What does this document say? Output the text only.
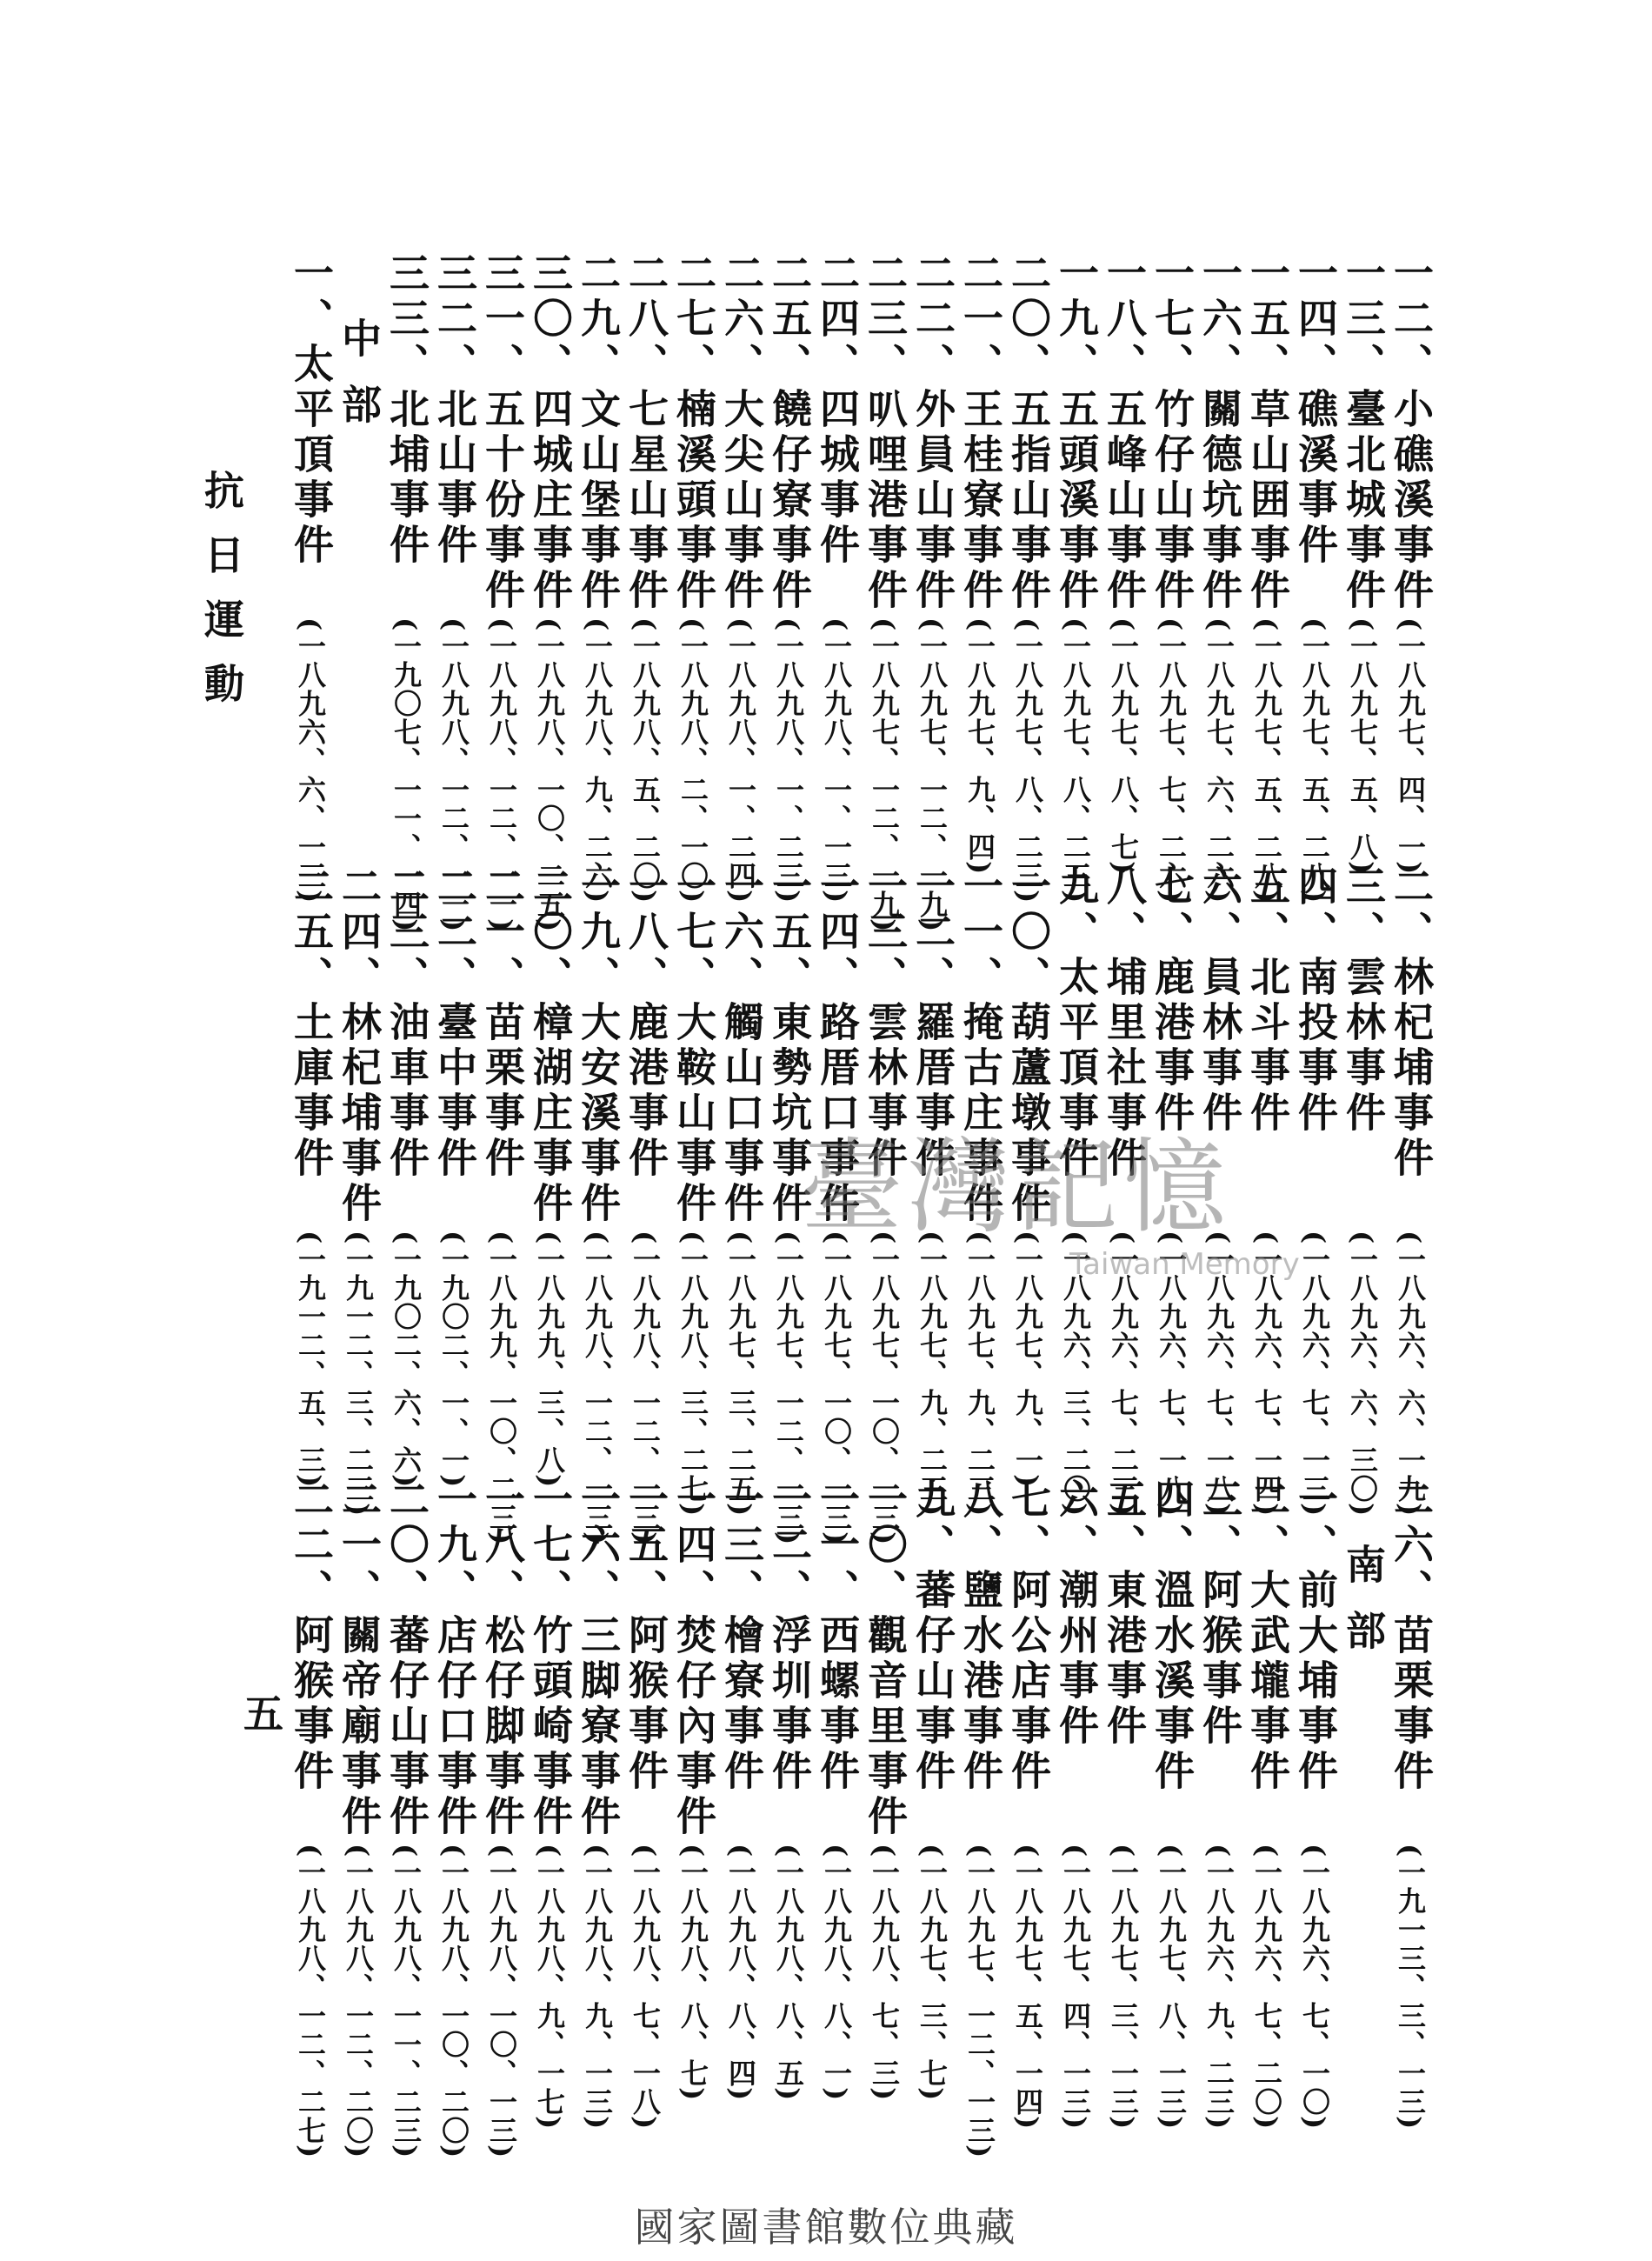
抗日運動
五
一二、小礁溪事件
(一八九七、四、一)
一三、臺北城事件
(一八九七、五、八)
一四、礁溪事件
(一八九七、五、二八)
一五、草山囲事件
(一八九七、五、二八)
一六、關德坑事件
(一八九七、六、二六)
一七、竹仔山事件
(一八九七、七、二六)
一八、五峰山事件
(一八九七、八、七)
一九、五頭溪事件
(一八九七、八、二三)
二〇、五指山事件
(一八九七、八、二三)
二一、王桂寮事件
(一八九七、九、四)
二二、外員山事件
(一八九七、一二、一九)
二三、叭哩港事件
(一八九七、一二、一九)
二四、四城事件
(一八九八、一、一三)
二五、饒仔寮事件
(一八九八、一、二三)
二六、大尖山事件
(一八九八、一、二四)
二七、楠溪頭事件
(一八九八、二、一〇)
二八、七星山事件
(一八九八、五、二〇)
二九、文山堡事件
(一八九八、九、二六)
三〇、四城庄事件
(一八九八、一〇、二五)
三一、五十份事件
(一八九八、一二、一一)
三二、北山事件
(一八九八、一二、一一)
三三、北埔事件
(一九〇七、一一、一四)
中部
一、太平頂事件
(一八九六、六、一三)
二、林杞埔事件
(一八九六、六、一九)
三、雲林事件
(一八九六、六、三〇)
四、南投事件
(一八九六、七、一三)
五、北斗事件
(一八九六、七、一四)
六、員林事件
(一八九六、七、一八)
七、鹿港事件
(一八九六、七、一八)
八、埔里社事件
(一八九六、七、二三)
九、太平頂事件
(一八九六、三、二〇)
一〇、葫蘆墩事件
(一八九七、九、一)
一一、掩古庄事件
(一八九七、九、二三)
一二、羅厝事件
(一八九七、九、二三)
一三、雲林事件
(一八九七、一〇、一三)
一四、路厝口事件
(一八九七、一〇、一三)
一五、東勢坑事件
(一八九七、一二、一三)
一六、觸山口事件
(一八九七、三、二五)
一七、大鞍山事件
(一八九八、三、二七)
一八、鹿港事件
(一八九八、一二、一三)
一九、大安溪事件
(一八九八、一二、一三)
二〇、樟湖庄事件
(一八九九、三、八)
二一、苗栗事件
(一八九九、一〇、二三)
二二、臺中事件
(一九〇二、一、一)
二三、油車事件
(一九〇二、六、六)
二四、林杞埔事件
(一九一二、三、二三)
二五、土庫事件
(一九一二、五、三)
二六、苗栗事件
(一九一三、三、一三)
南部
一、前大埔事件
(一八九六、七、一〇)
二、大武壠事件
(一八九六、七、二〇)
三、阿猴事件
(一八九六、九、二三)
四、溫水溪事件
(一八九七、八、一三)
五、東港事件
(一八九七、三、一三)
六、潮州事件
(一八九七、四、一三)
七、阿公店事件
(一八九七、五、一四)
八、鹽水港事件
(一八九七、一二、一三)
九、蕃仔山事件
(一八九七、三、七)
一〇、觀音里事件
(一八九八、七、三)
一一、西螺事件
(一八九八、八、一)
一二、浮圳事件
(一八九八、八、五)
一三、檜寮事件
(一八九八、八、四)
一四、焚仔內事件
(一八九八、八、七)
一五、阿猴事件
(一八九八、七、一八)
一六、三脚寮事件
(一八九八、九、一三)
一七、竹頭崎事件
(一八九八、九、一七)
一八、松仔脚事件
(一八九八、一〇、一三)
一九、店仔口事件
(一八九八、一〇、二〇)
二〇、蕃仔山事件
(一八九八、一一、二三)
二一、關帝廟事件
(一八九八、一二、二〇)
二二、阿猴事件
(一八九八、一二、二七)
臺灣記憶
Taiwan Memory
國家圖書館數位典藏
